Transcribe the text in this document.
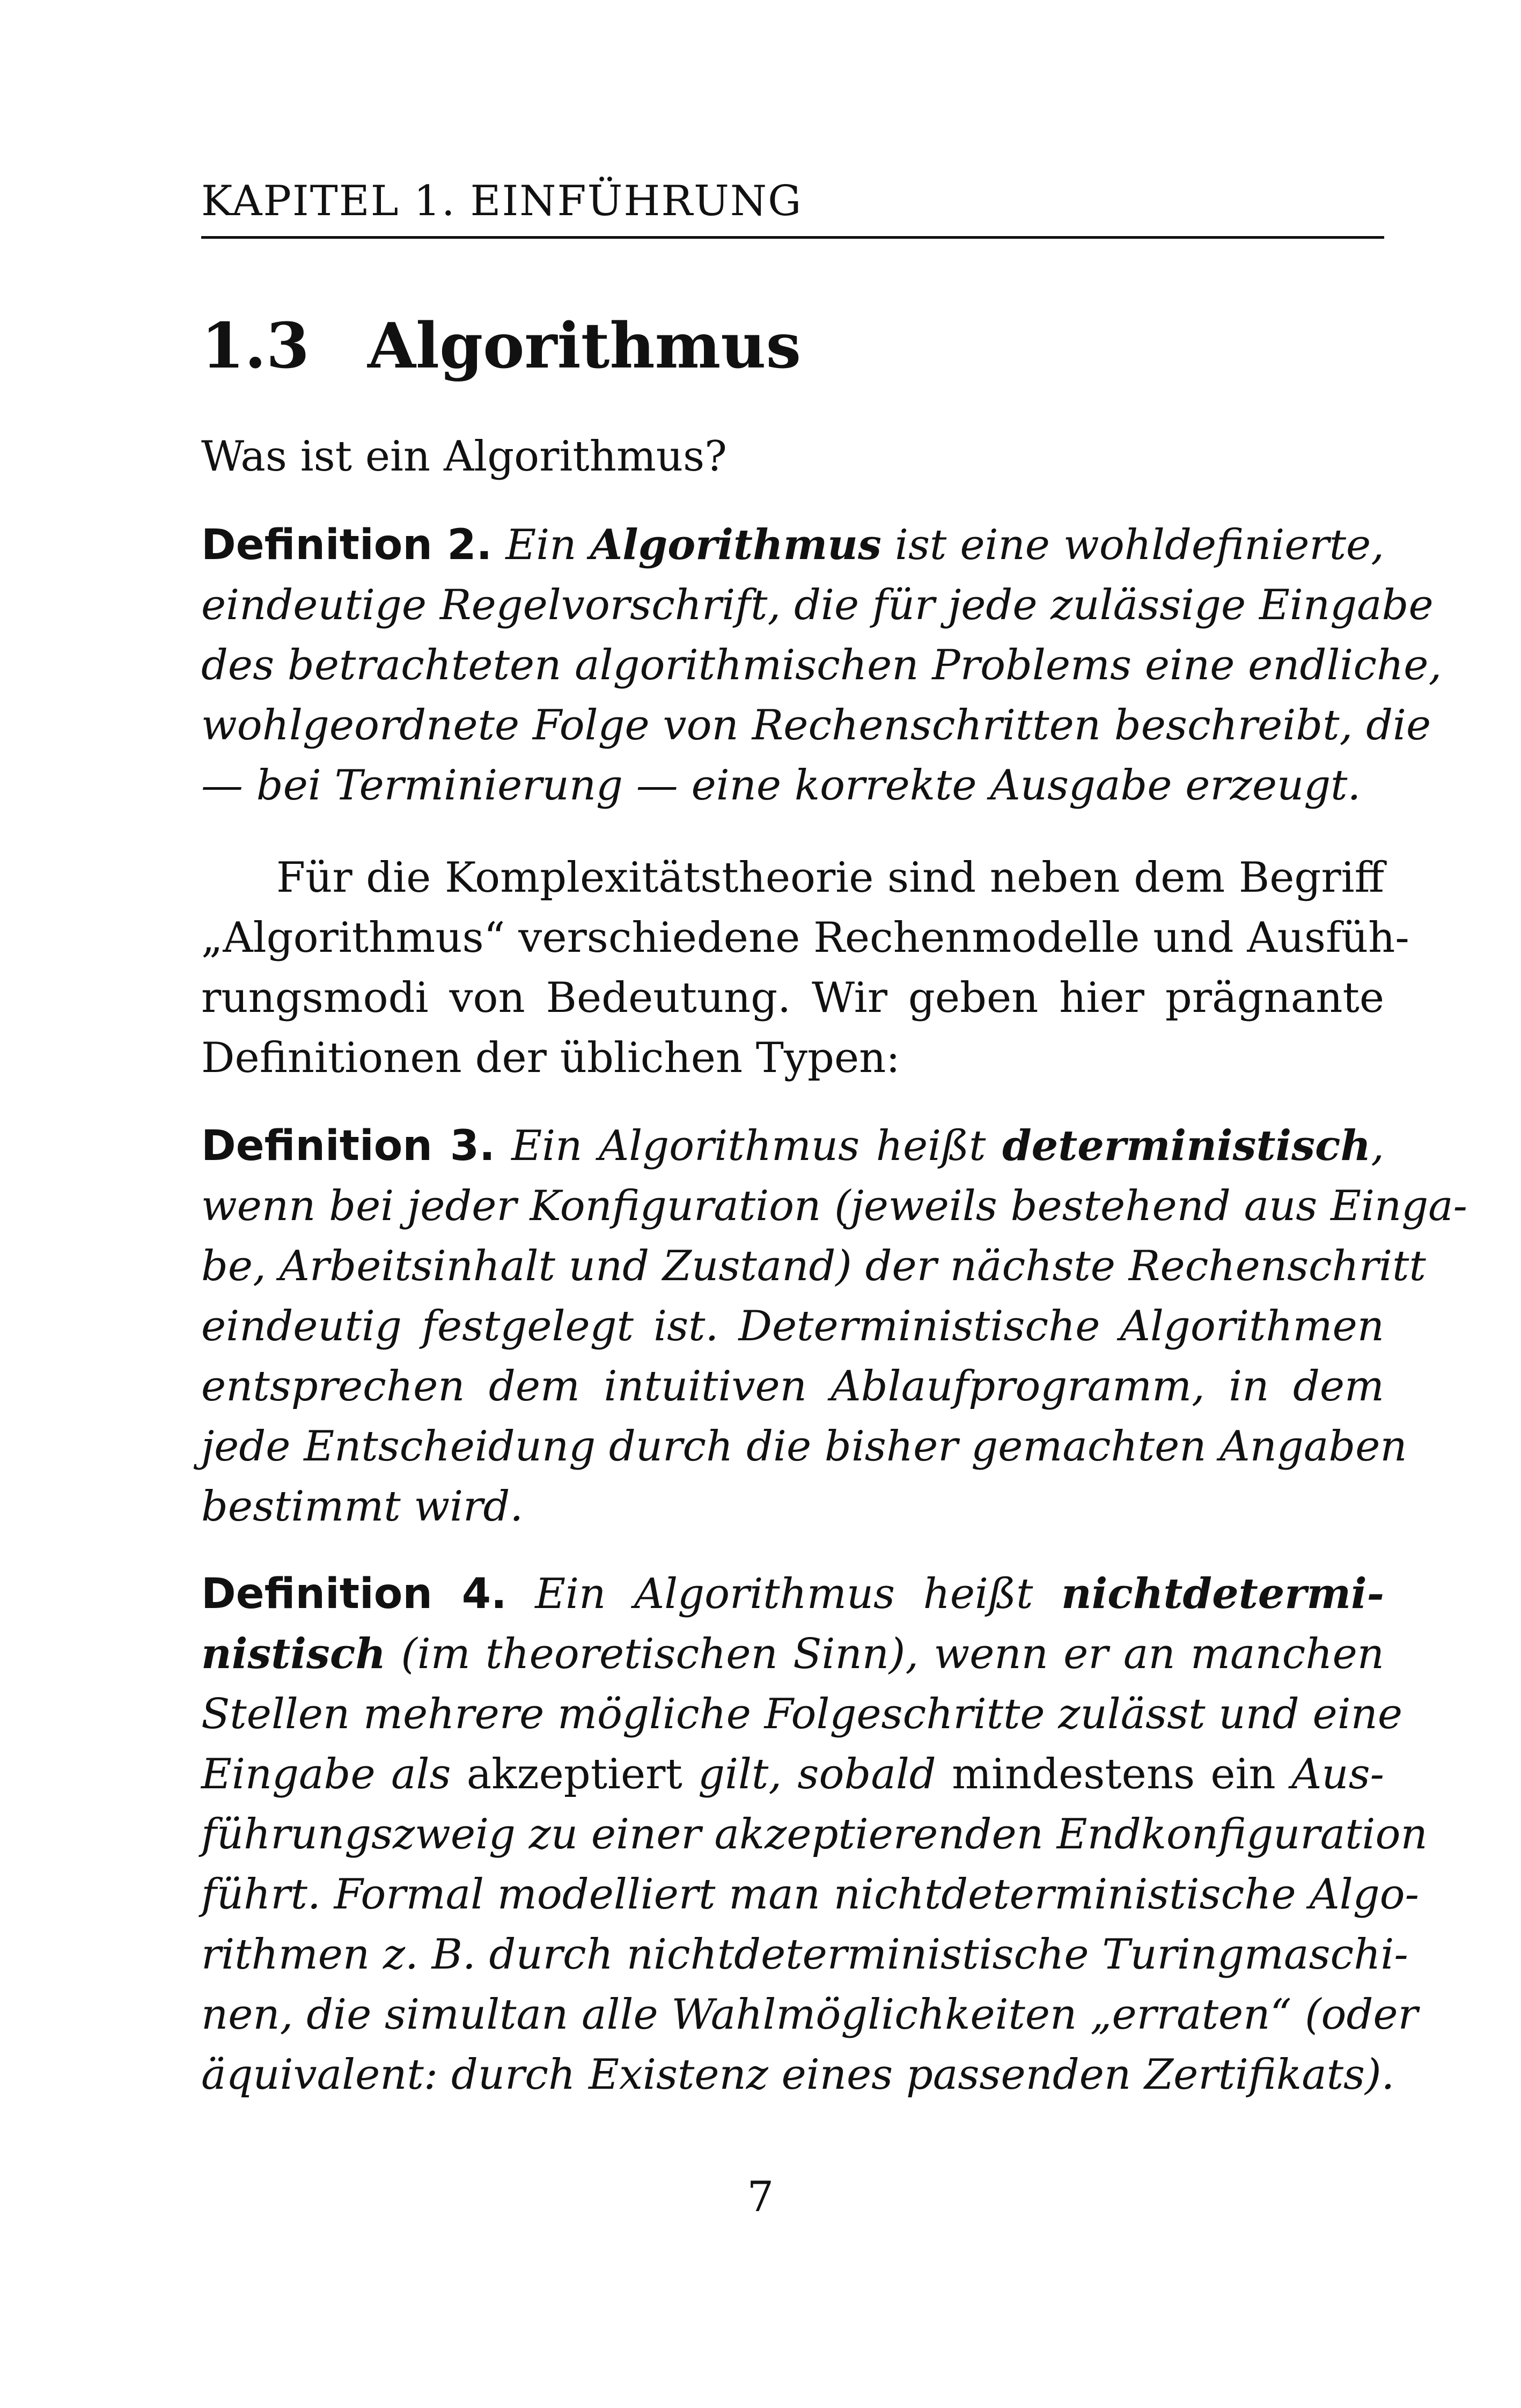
KAPITEL 1. EINFÜHRUNG
1.3 Algorithmus
Was ist ein Algorithmus?
Definition 2. Ein Algorithmus ist eine wohldefinierte,
eindeutige Regelvorschrift, die für jede zulässige Eingabe
des betrachteten algorithmischen Problems eine endliche,
wohlgeordnete Folge von Rechenschritten beschreibt, die
— bei Terminierung — eine korrekte Ausgabe erzeugt.
Für die Komplexitätstheorie sind neben dem Begriff
„Algorithmus“ verschiedene Rechenmodelle und Ausfüh-
rungsmodi von Bedeutung. Wir geben hier prägnante
Definitionen der üblichen Typen:
Definition 3. Ein Algorithmus heißt deterministisch,
wenn bei jeder Konfiguration (jeweils bestehend aus Einga-
be, Arbeitsinhalt und Zustand) der nächste Rechenschritt
eindeutig festgelegt ist. Deterministische Algorithmen
entsprechen dem intuitiven Ablaufprogramm, in dem
jede Entscheidung durch die bisher gemachten Angaben
bestimmt wird.
Definition 4. Ein Algorithmus heißt nichtdetermi-
nistisch (im theoretischen Sinn), wenn er an manchen
Stellen mehrere mögliche Folgeschritte zulässt und eine
Eingabe als akzeptiert gilt, sobald mindestens ein Aus-
führungszweig zu einer akzeptierenden Endkonfiguration
führt. Formal modelliert man nichtdeterministische Algo-
rithmen z. B. durch nichtdeterministische Turingmaschi-
nen, die simultan alle Wahlmöglichkeiten „erraten“ (oder
äquivalent: durch Existenz eines passenden Zertifikats).
7
